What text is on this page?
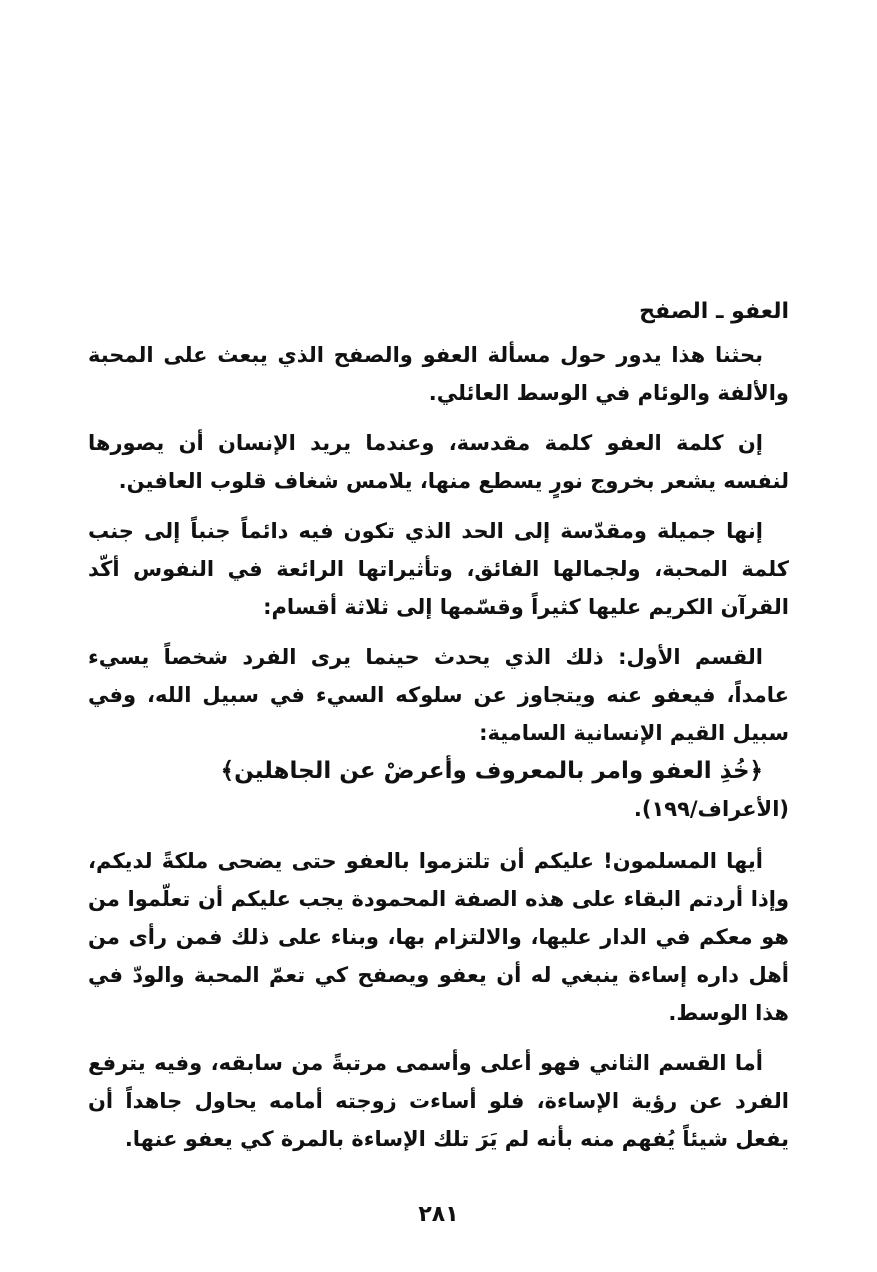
العفو ـ الصفح

بحثنا هذا يدور حول مسألة العفو والصفح الذي يبعث على المحبة والألفة والوئام في الوسط العائلي.

إن كلمة العفو كلمة مقدسة، وعندما يريد الإنسان أن يصورها لنفسه يشعر بخروج نورٍ يسطع منها، يلامس شغاف قلوب العافين.

إنها جميلة ومقدّسة إلى الحد الذي تكون فيه دائماً جنباً إلى جنب كلمة المحبة، ولجمالها الفائق، وتأثيراتها الرائعة في النفوس أكّد القرآن الكريم عليها كثيراً وقسّمها إلى ثلاثة أقسام:

القسم الأول: ذلك الذي يحدث حينما يرى الفرد شخصاً يسيء عامداً، فيعفو عنه ويتجاوز عن سلوكه السيء في سبيل الله، وفي سبيل القيم الإنسانية السامية:

﴿خُذِ العفو وامر بالمعروف وأعرضْ عن الجاهلين﴾

(الأعراف/١٩٩).

أيها المسلمون! عليكم أن تلتزموا بالعفو حتى يضحى ملكةً لديكم، وإذا أردتم البقاء على هذه الصفة المحمودة يجب عليكم أن تعلّموا من هو معكم في الدار عليها، والالتزام بها، وبناء على ذلك فمن رأى من أهل داره إساءة ينبغي له أن يعفو ويصفح كي تعمّ المحبة والودّ في هذا الوسط.

أما القسم الثاني فهو أعلى وأسمى مرتبةً من سابقه، وفيه يترفع الفرد عن رؤية الإساءة، فلو أساءت زوجته أمامه يحاول جاهداً أن يفعل شيئاً يُفهم منه بأنه لم يَرَ تلك الإساءة بالمرة كي يعفو عنها.

٢٨١
